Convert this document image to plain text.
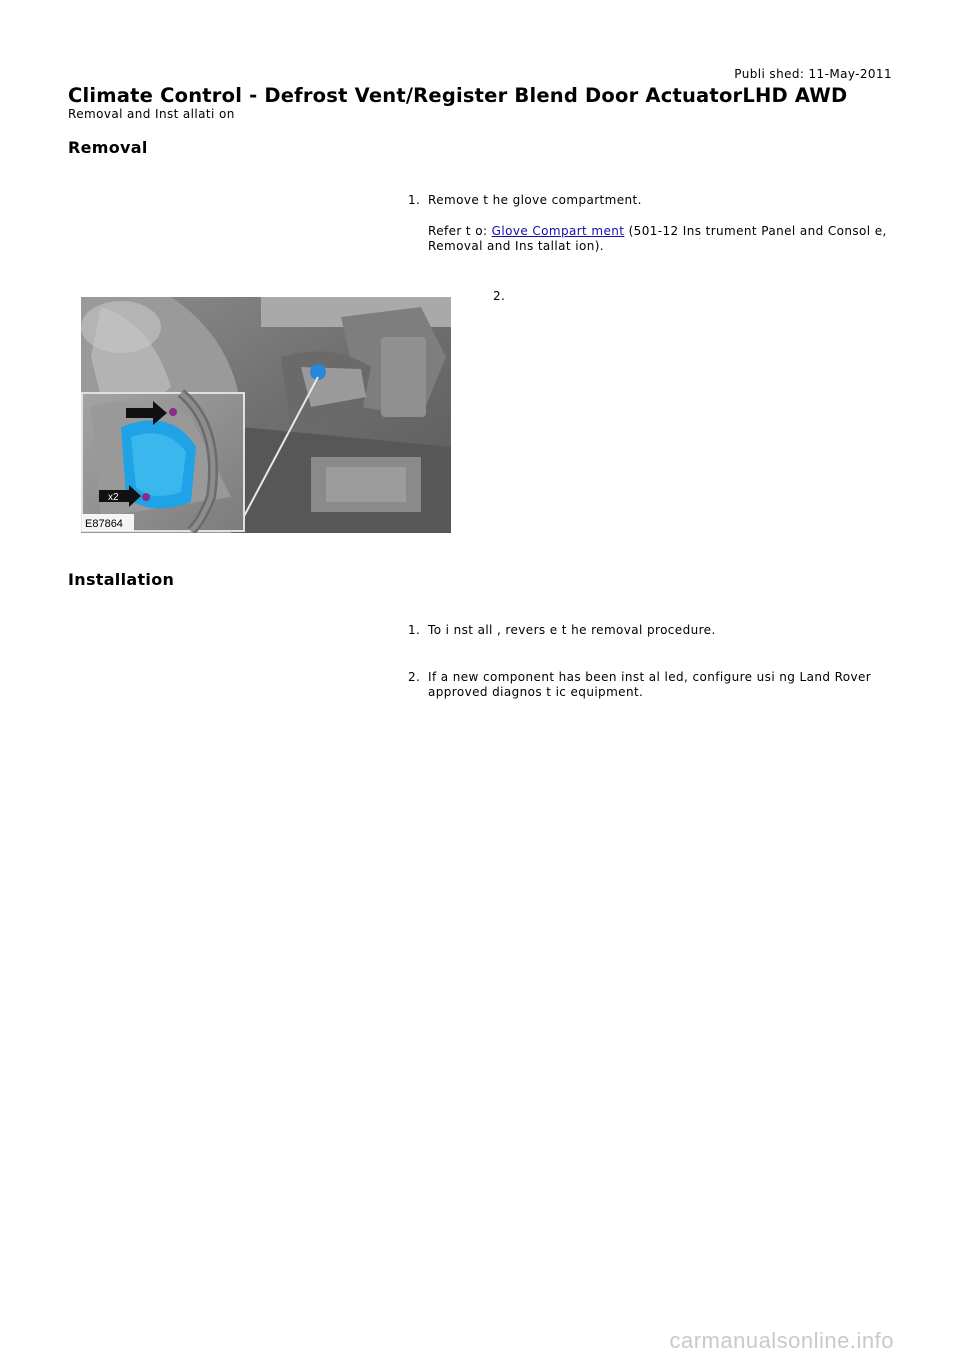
Publi shed: 11-May-2011
Climate Control - Defrost Vent/Register Blend Door ActuatorLHD AWD
Removal and Inst allati on
Removal
1. Remove t he glove compartment.
Refer t o: Glove Compart ment (501-12 Ins trument Panel and Consol e, Removal and Ins tallat ion).
2.
x2
E87864
Installation
1. To i nst all , revers e t he removal procedure.
2. If a new component has been inst al led, configure usi ng Land Rover approved diagnos t ic equipment.
carmanualsonline.info
